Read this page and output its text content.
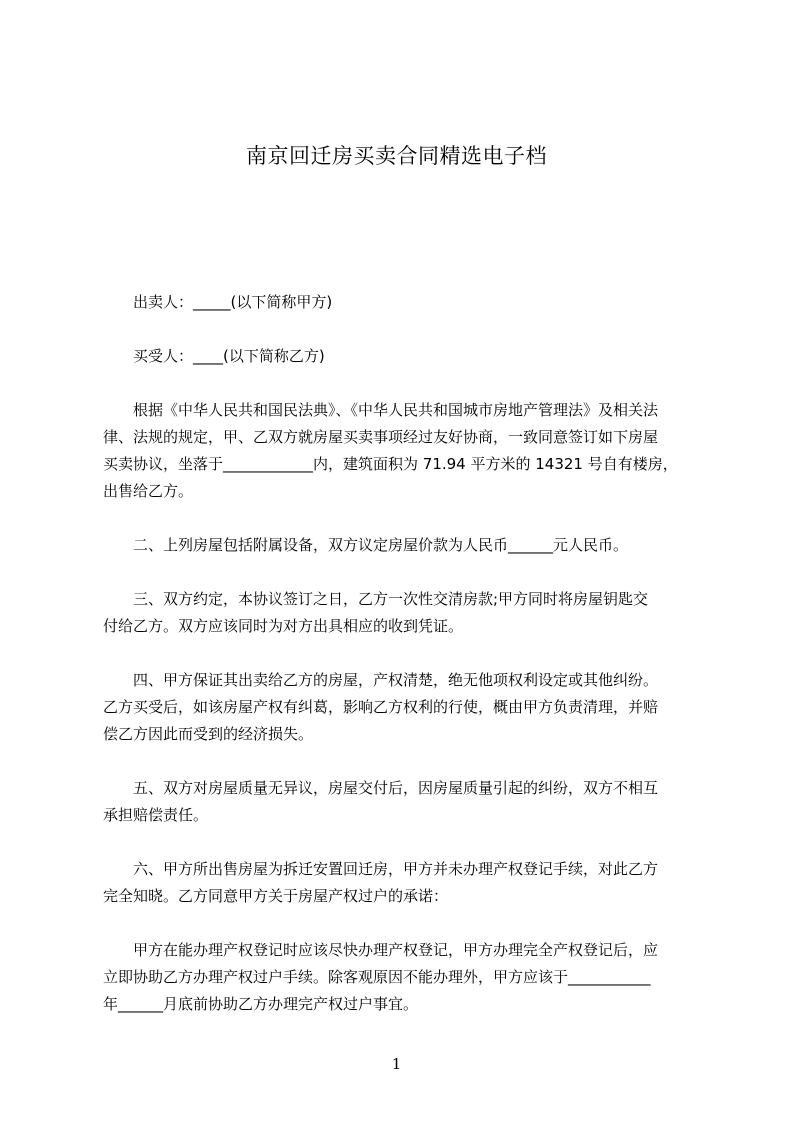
南京回迁房买卖合同精选电子档

出卖人：_____(以下简称甲方)

买受人：____(以下简称乙方)

根据《中华人民共和国民法典》、《中华人民共和国城市房地产管理法》及相关法
律、法规的规定，甲、乙双方就房屋买卖事项经过友好协商，一致同意签订如下房屋
买卖协议，坐落于____________内，建筑面积为 71.94 平方米的 14321 号自有楼房，
出售给乙方。

二、上列房屋包括附属设备，双方议定房屋价款为人民币______元人民币。

三、双方约定，本协议签订之日，乙方一次性交清房款;甲方同时将房屋钥匙交
付给乙方。双方应该同时为对方出具相应的收到凭证。

四、甲方保证其出卖给乙方的房屋，产权清楚，绝无他项权利设定或其他纠纷。
乙方买受后，如该房屋产权有纠葛，影响乙方权利的行使，概由甲方负责清理，并赔
偿乙方因此而受到的经济损失。

五、双方对房屋质量无异议，房屋交付后，因房屋质量引起的纠纷，双方不相互
承担赔偿责任。

六、甲方所出售房屋为拆迁安置回迁房，甲方并未办理产权登记手续，对此乙方
完全知晓。乙方同意甲方关于房屋产权过户的承诺：

甲方在能办理产权登记时应该尽快办理产权登记，甲方办理完全产权登记后，应
立即协助乙方办理产权过户手续。除客观原因不能办理外，甲方应该于___________
年______月底前协助乙方办理完产权过户事宜。

1
